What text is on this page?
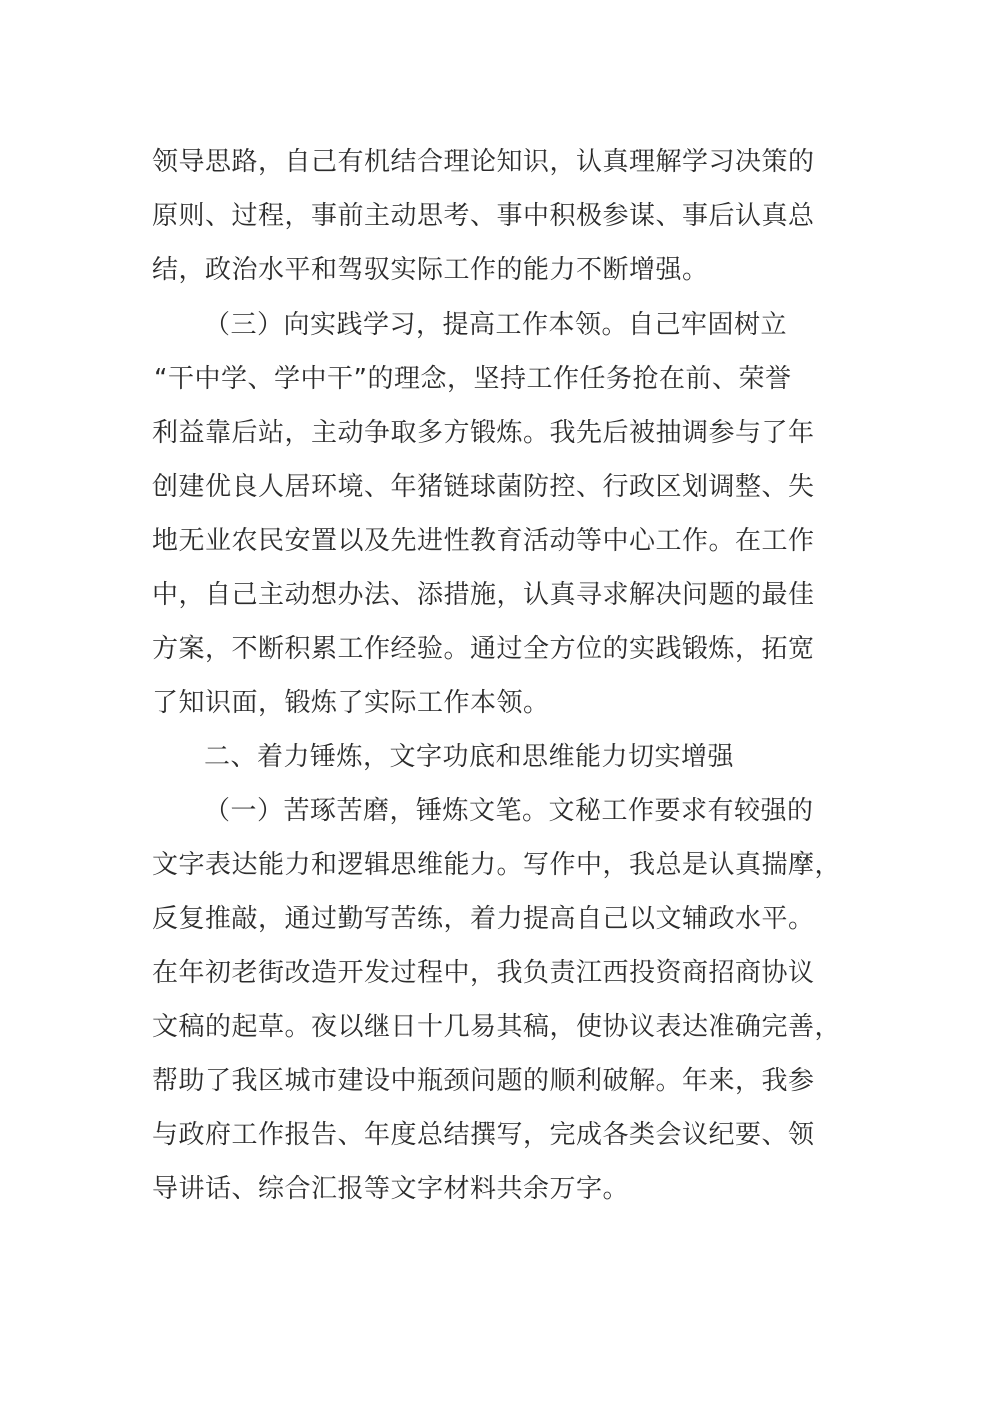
领导思路，自己有机结合理论知识，认真理解学习决策的
原则、过程，事前主动思考、事中积极参谋、事后认真总
结，政治水平和驾驭实际工作的能力不断增强。
（三）向实践学习，提高工作本领。自己牢固树立
“干中学、学中干”的理念，坚持工作任务抢在前、荣誉
利益靠后站，主动争取多方锻炼。我先后被抽调参与了年
创建优良人居环境、年猪链球菌防控、行政区划调整、失
地无业农民安置以及先进性教育活动等中心工作。在工作
中，自己主动想办法、添措施，认真寻求解决问题的最佳
方案，不断积累工作经验。通过全方位的实践锻炼，拓宽
了知识面，锻炼了实际工作本领。
二、着力锤炼，文字功底和思维能力切实增强
（一）苦琢苦磨，锤炼文笔。文秘工作要求有较强的
文字表达能力和逻辑思维能力。写作中，我总是认真揣摩，
反复推敲，通过勤写苦练，着力提高自己以文辅政水平。
在年初老街改造开发过程中，我负责江西投资商招商协议
文稿的起草。夜以继日十几易其稿，使协议表达准确完善，
帮助了我区城市建设中瓶颈问题的顺利破解。年来，我参
与政府工作报告、年度总结撰写，完成各类会议纪要、领
导讲话、综合汇报等文字材料共余万字。
